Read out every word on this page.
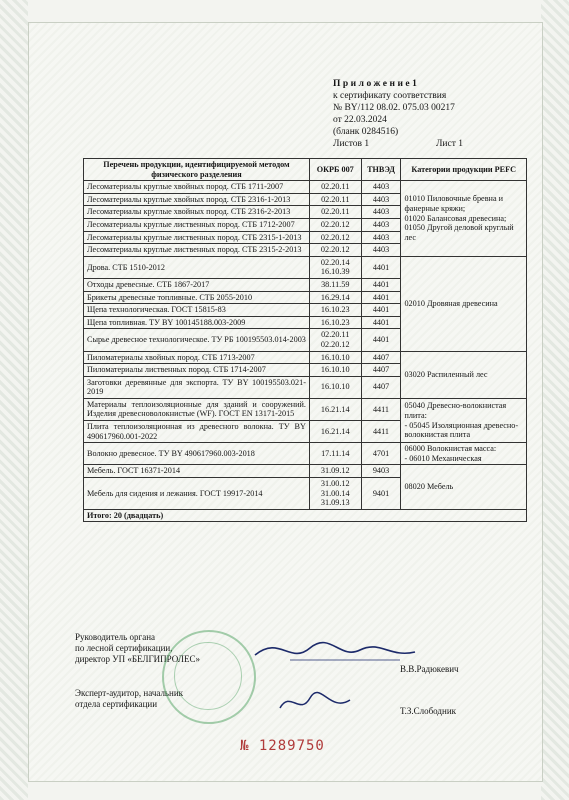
Приложение1
к сертификату соответствия
№ BY/112 08.02. 075.03 00217
от 22.03.2024
(бланк 0284516)
Листов 1	Лист 1
Перечень продукции, идентифицируемой методом физического разделения	ОКРБ 007	ТНВЭД	Категории продукции PEFC
Лесоматериалы круглые хвойных пород. СТБ 1711-2007	02.20.11	4403	01010 Пиловочные бревна и фанерные кряжи;
01020 Балансовая древесина;
01050 Другой деловой круглый лес
Лесоматериалы круглые хвойных пород. СТБ 2316-1-2013	02.20.11	4403	
Лесоматериалы круглые хвойных пород. СТБ 2316-2-2013	02.20.11	4403	
Лесоматериалы круглые лиственных пород. СТБ 1712-2007	02.20.12	4403	
Лесоматериалы круглые лиственных пород. СТБ 2315-1-2013	02.20.12	4403	
Лесоматериалы круглые лиственных пород. СТБ 2315-2-2013	02.20.12	4403	
Дрова. СТБ 1510-2012	02.20.14
16.10.39	4401	02010 Дровяная древесина
Отходы древесные. СТБ 1867-2017	38.11.59	4401	
Брикеты древесные топливные. СТБ 2055-2010	16.29.14	4401	
Щепа технологическая. ГОСТ 15815-83	16.10.23	4401	
Щепа топливная. ТУ BY 100145188.003-2009	16.10.23	4401	
Сырье древесное технологическое. ТУ РБ 100195503.014-2003	02.20.11
02.20.12	4401	
Пиломатериалы хвойных пород. СТБ 1713-2007	16.10.10	4407	03020 Распиленный лес
Пиломатериалы лиственных пород. СТБ 1714-2007	16.10.10	4407	
Заготовки деревянные для экспорта. ТУ BY 100195503.021-2019	16.10.10	4407	
Материалы теплоизоляционные для зданий и сооружений. Изделия древесноволокнистые (WF). ГОСТ EN 13171-2015	16.21.14	4411	05040 Древесно-волокнистая плита:
- 05045 Изоляционная древесно-волокнистая плита
Плита теплоизоляционная из древесного волокна. ТУ BY 490617960.001-2022	16.21.14	4411	
Волокно древесное. ТУ BY 490617960.003-2018	17.11.14	4701	06000 Волокнистая масса:
- 06010 Механическая
Мебель. ГОСТ 16371-2014	31.09.12	9403	08020 Мебель
Мебель для сидения и лежания. ГОСТ 19917-2014	31.00.12
31.00.14
31.09.13	9401	
Итого: 20 (двадцать)			
Руководитель органа
по лесной сертификации,
директор УП «БЕЛГИПРОЛЕС»
В.В.Радюкевич
Эксперт-аудитор, начальник
отдела сертификации
Т.З.Слободник
№ 1289750
